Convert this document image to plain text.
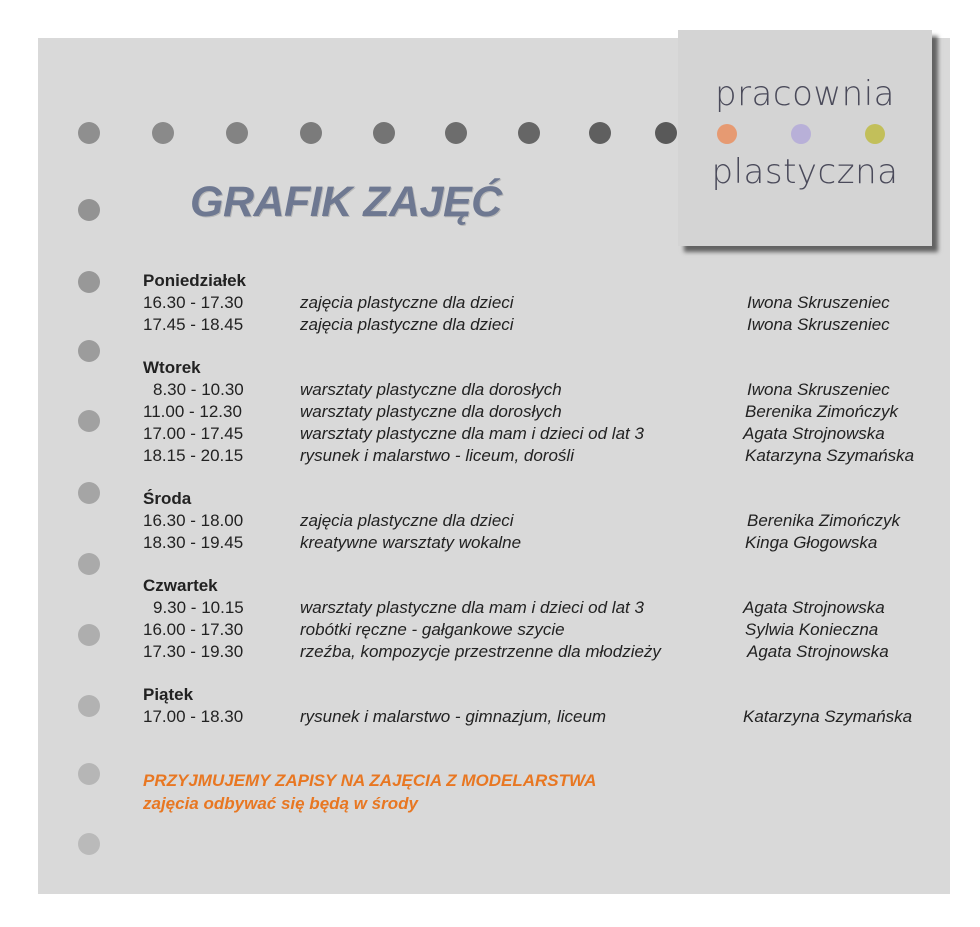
pracownia
plastyczna
GRAFIK ZAJĘĆ
Poniedziałek
16.30 - 17.30	zajęcia plastyczne dla dzieci	Iwona Skruszeniec
17.45 - 18.45	zajęcia plastyczne dla dzieci	Iwona Skruszeniec
Wtorek
8.30 - 10.30	warsztaty plastyczne dla dorosłych	Iwona Skruszeniec
11.00 - 12.30	warsztaty plastyczne dla dorosłych	Berenika Zimończyk
17.00 - 17.45	warsztaty plastyczne dla mam i dzieci od lat 3	Agata Strojnowska
18.15 - 20.15	rysunek i malarstwo - liceum, dorośli	Katarzyna Szymańska
Środa
16.30 - 18.00	zajęcia plastyczne dla dzieci	Berenika Zimończyk
18.30 - 19.45	kreatywne warsztaty wokalne	Kinga Głogowska
Czwartek
9.30 - 10.15	warsztaty plastyczne dla mam i dzieci od lat 3	Agata Strojnowska
16.00 - 17.30	robótki ręczne - gałgankowe szycie	Sylwia Konieczna
17.30 - 19.30	rzeźba, kompozycje przestrzenne dla młodzieży	Agata Strojnowska
Piątek
17.00 - 18.30	rysunek i malarstwo - gimnazjum, liceum	Katarzyna Szymańska
PRZYJMUJEMY ZAPISY NA ZAJĘCIA Z MODELARSTWA
zajęcia odbywać się będą w środy
